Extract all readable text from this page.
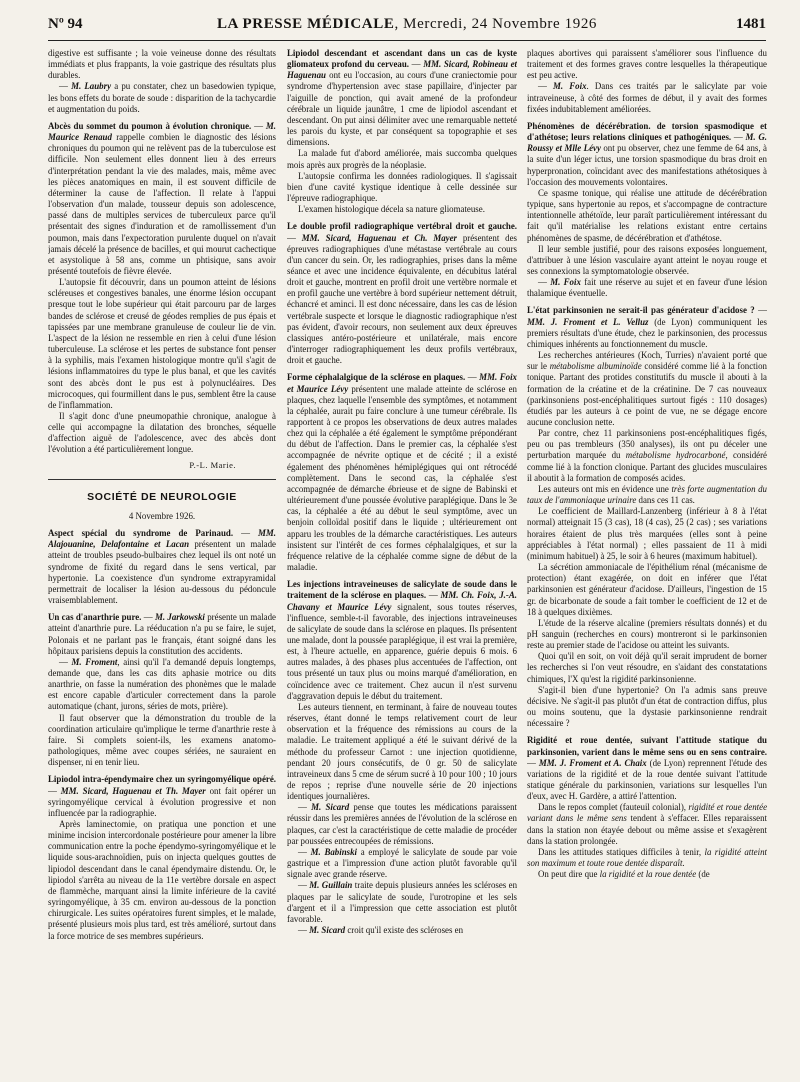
Nº 94	LA PRESSE MÉDICALE, Mercredi, 24 Novembre 1926	1481

digestive est suffisante ; la voie veineuse donne des résultats immédiats et plus frappants, la voie gastrique des résultats plus durables.

— M. Laubry a pu constater, chez un basedowien typique, les bons effets du borate de soude : disparition de la tachycardie et augmentation du poids.

Abcès du sommet du poumon à évolution chronique. — M. Maurice Renaud rappelle combien le diagnostic des lésions chroniques du poumon qui ne relèvent pas de la tuberculose est difficile. Non seulement elles donnent lieu à des erreurs d'interprétation pendant la vie des malades, mais, même avec les pièces anatomiques en main, il est souvent difficile de déterminer la cause de l'affection. Il relate à l'appui l'observation d'un malade, tousseur depuis son adolescence, passé dans de multiples services de tuberculeux parce qu'il présentait des signes d'induration et de ramollissement d'un poumon, mais dans l'expectoration purulente duquel on n'avait jamais décelé la présence de bacilles, et qui mourut cachectique et asystolique à 58 ans, comme un phtisique, sans avoir présenté toutefois de fièvre élevée.

L'autopsie fit découvrir, dans un poumon atteint de lésions scléreuses et congestives banales, une énorme lésion occupant presque tout le lobe supérieur qui était parcouru par de larges bandes de sclérose et creusé de géodes remplies de pus épais et tapissées par une membrane granuleuse de couleur lie de vin. L'aspect de la lésion ne ressemble en rien à celui d'une lésion tuberculeuse. La sclérose et les pertes de substance font penser à la syphilis, mais l'examen histologique montre qu'il s'agit de lésions inflammatoires du type le plus banal, et que les cavités sont des abcès dont le pus est à polynucléaires. Des microcoques, qui fourmillent dans le pus, semblent être la cause de l'inflammation.

Il s'agit donc d'une pneumopathie chronique, analogue à celle qui accompagne la dilatation des bronches, séquelle d'affection aiguë de l'adolescence, avec des abcès dont l'évolution a été particulièrement longue.

P.-L. Marie.

SOCIÉTÉ DE NEUROLOGIE

4 Novembre 1926.

Aspect spécial du syndrome de Parinaud. — MM. Alajouanine, Delafontaine et Lacan présentent un malade atteint de troubles pseudo-bulbaires chez lequel ils ont noté un syndrome de fixité du regard dans le sens vertical, par hypertonie. La coexistence d'un syndrome extrapyramidal permettrait de localiser la lésion au-dessous du pédoncule vraisemblablement.

Un cas d'anarthrie pure. — M. Jarkowski présente un malade atteint d'anarthrie pure. La rééducation n'a pu se faire, le sujet, Polonais et ne parlant pas le français, étant soigné dans les hôpitaux parisiens depuis la constitution des accidents.

— M. Froment, ainsi qu'il l'a demandé depuis longtemps, demande que, dans les cas dits aphasie motrice ou dits anarthrie, on fasse la numération des phonèmes que le malade est encore capable d'articuler correctement dans la parole automatique (chant, jurons, séries de mots, prière).

Il faut observer que la démonstration du trouble de la coordination articulaire qu'implique le terme d'anarthrie reste à faire. Si complets soient-ils, les examens anatomo-pathologiques, même avec coupes sériées, ne sauraient en dispenser, ni en tenir lieu.

Lipiodol intra-épendymaire chez un syringomyélique opéré. — MM. Sicard, Haguenau et Th. Mayer ont fait opérer un syringomyélique cervical à évolution progressive et non influencée par la radiographie.

Après laminectomie, on pratiqua une ponction et une minime incision intercordonale postérieure pour amener la libre communication entre la poche épendymo-syringomyélique et le liquide sous-arachnoïdien, puis on injecta quelques gouttes de lipiodol descendant dans le canal épendymaire distendu. Or, le lipiodol s'arrêta au niveau de la 11e vertèbre dorsale en aspect de flammèche, marquant ainsi la limite inférieure de la cavité syringomyélique, à 35 cm. environ au-dessous de la ponction chirurgicale. Les suites opératoires furent simples, et le malade, présenté plusieurs mois plus tard, est très amélioré, surtout dans la force motrice de ses membres supérieurs.

Lipiodol descendant et ascendant dans un cas de kyste gliomateux profond du cerveau. — MM. Sicard, Robineau et Haguenau ont eu l'occasion, au cours d'une craniectomie pour syndrome d'hypertension avec stase papillaire, d'injecter par l'aiguille de ponction, qui avait amené de la profondeur cérébrale un liquide jaunâtre, 1 cme de lipiodol ascendant et descendant. On put ainsi délimiter avec une remarquable netteté les parois du kyste, et par conséquent sa topographie et ses dimensions.

La malade fut d'abord améliorée, mais succomba quelques mois après aux progrès de la néoplasie.

L'autopsie confirma les données radiologiques. Il s'agissait bien d'une cavité kystique identique à celle dessinée sur l'épreuve radiographique.

L'examen histologique décela sa nature gliomateuse.

Le double profil radiographique vertébral droit et gauche. — MM. Sicard, Haguenau et Ch. Mayer présentent des épreuves radiographiques d'une métastase vertébrale au cours d'un cancer du sein. Or, les radiographies, prises dans la même séance et avec une incidence équivalente, en décubitus latéral droit et gauche, montrent en profil droit une vertèbre normale et en profil gauche une vertèbre à bord supérieur nettement détruit, échancré et aminci. Il est donc nécessaire, dans les cas de lésion vertébrale suspecte et lorsque le diagnostic radiographique n'est pas évident, d'avoir recours, non seulement aux deux épreuves classiques antéro-postérieure et unilatérale, mais encore d'interroger radiographiquement les deux profils vertébraux, droit et gauche.

Forme céphalalgique de la sclérose en plaques. — MM. Foix et Maurice Lévy présentent une malade atteinte de sclérose en plaques, chez laquelle l'ensemble des symptômes, et notamment la céphalée, aurait pu faire conclure à une tumeur cérébrale. Ils rapportent à ce propos les observations de deux autres malades chez qui la céphalée a été également le symptôme prépondérant du début de l'affection. Dans le premier cas, la céphalée s'est accompagnée de névrite optique et de cécité ; il a existé également des phénomènes hémiplégiques qui ont rétrocédé complètement. Dans le second cas, la céphalée s'est accompagnée de démarche ébrieuse et de signe de Babinski et ultérieurement d'une poussée évolutive paraplégique. Dans le 3e cas, la céphalée a été au début le seul symptôme, avec un benjoin colloïdal positif dans le liquide ; ultérieurement ont apparu les troubles de la démarche caractéristiques. Les auteurs insistent sur l'intérêt de ces formes céphalalgiques, et sur la fréquence relative de la céphalée comme signe de début de la maladie.

Les injections intraveineuses de salicylate de soude dans le traitement de la sclérose en plaques. — MM. Ch. Foix, J.-A. Chavany et Maurice Lévy signalent, sous toutes réserves, l'influence, semble-t-il favorable, des injections intraveineuses de salicylate de soude dans la sclérose en plaques. Ils présentent une malade, dont la poussée paraplégique, il est vrai la première, est, à l'heure actuelle, en apparence, guérie depuis 6 mois. 6 autres malades, à des phases plus accentuées de l'affection, ont tous présenté un taux plus ou moins marqué d'amélioration, en coïncidence avec ce traitement. Chez aucun il n'est survenu d'aggravation depuis le début du traitement.

Les auteurs tiennent, en terminant, à faire de nouveau toutes réserves, étant donné le temps relativement court de leur observation et la fréquence des rémissions au cours de la maladie. Le traitement appliqué a été le suivant dérivé de la méthode du professeur Carnot : une injection quotidienne, pendant 20 jours consécutifs, de 0 gr. 50 de salicylate intraveineux dans 5 cme de sérum sucré à 10 pour 100 ; 10 jours de repos ; reprise d'une nouvelle série de 20 injections identiques journalières.

— M. Sicard pense que toutes les médications paraissent réussir dans les premières années de l'évolution de la sclérose en plaques, car c'est la caractéristique de cette maladie de procéder par poussées entrecoupées de rémissions.

— M. Babinski a employé le salicylate de soude par voie gastrique et a l'impression d'une action plutôt favorable qu'il signale avec grande réserve.

— M. Guillain traite depuis plusieurs années les scléroses en plaques par le salicylate de soude, l'urotropine et les sels d'argent et il a l'impression que cette association est plutôt favorable.

— M. Sicard croit qu'il existe des scléroses en

plaques abortives qui paraissent s'améliorer sous l'influence du traitement et des formes graves contre lesquelles la thérapeutique est peu active.

— M. Foix. Dans ces traités par le salicylate par voie intraveineuse, à côté des formes de début, il y avait des formes fixées indubitablement améliorées.

Phénomènes de décérébration. de torsion spasmodique et d'athétose; leurs relations cliniques et pathogéniques. — M. G. Roussy et Mlle Lévy ont pu observer, chez une femme de 64 ans, à la suite d'un léger ictus, une torsion spasmodique du bras droit en hyperpronation, coïncidant avec des manifestations athétosiques à l'occasion des mouvements volontaires.

Ce spasme tonique, qui réalise une attitude de décérébration typique, sans hypertonie au repos, et s'accompagne de contracture intentionnelle athétoïde, leur paraît particulièrement intéressant du fait qu'il matérialise les relations existant entre certains phénomènes de spasme, de décérébration et d'athétose.

Il leur semble justifié, pour des raisons exposées longuement, d'attribuer à une lésion vasculaire ayant atteint le noyau rouge et ses connexions la symptomatologie observée.

— M. Foix fait une réserve au sujet et en faveur d'une lésion thalamique éventuelle.

L'état parkinsonien ne serait-il pas générateur d'acidose ? — MM. J. Froment et L. Velluz (de Lyon) communiquent les premiers résultats d'une étude, chez le parkinsonien, des processus chimiques inhérents au fonctionnement du muscle.

Les recherches antérieures (Koch, Turries) n'avaient porté que sur le métabolisme albuminoïde considéré comme lié à la fonction tonique. Partant des protides constitutifs du muscle il abouti à la formation de la créatine et de la créatinine. De 7 cas nouveaux (parkinsoniens post-encéphalitiques surtout figés : 110 dosages) étudiés par les auteurs à ce point de vue, ne se dégage encore aucune conclusion nette.

Par contre, chez 11 parkinsoniens post-encéphalitiques figés, peu ou pas trembleurs (350 analyses), ils ont pu déceler une perturbation marquée du métabolisme hydrocarboné, considéré comme lié à la fonction clonique. Partant des glucides musculaires il aboutit à la formation de composés acides.

Les auteurs ont mis en évidence une très forte augmentation du taux de l'ammoniaque urinaire dans ces 11 cas.

Le coefficient de Maillard-Lanzenberg (inférieur à 8 à l'état normal) atteignait 15 (3 cas), 18 (4 cas), 25 (2 cas) ; ses variations horaires étaient de plus très marquées (elles sont à peine appréciables à l'état normal) ; elles passaient de 11 à midi (minimum habituel) à 25, le soir à 6 heures (maximum habituel).

La sécrétion ammoniacale de l'épithélium rénal (mécanisme de protection) étant exagérée, on doit en inférer que l'état parkinsonien est générateur d'acidose. D'ailleurs, l'ingestion de 15 gr. de bicarbonate de soude a fait tomber le coefficient de 12 et de 18 à quelques dixièmes.

L'étude de la réserve alcaline (premiers résultats donnés) et du pH sanguin (recherches en cours) montreront si le parkinsonien reste au premier stade de l'acidose ou atteint les suivants.

Quoi qu'il en soit, on voit déjà qu'il serait imprudent de borner les recherches si l'on veut résoudre, en s'aidant des constatations chimiques, l'X qu'est la rigidité parkinsonienne.

S'agit-il bien d'une hypertonie? On l'a admis sans preuve décisive. Ne s'agit-il pas plutôt d'un état de contraction diffus, plus ou moins soutenu, que la dystasie parkinsonienne rendrait nécessaire ?

Rigidité et roue dentée, suivant l'attitude statique du parkinsonien, varient dans le même sens ou en sens contraire. — MM. J. Froment et A. Chaix (de Lyon) reprennent l'étude des variations de la rigidité et de la roue dentée suivant l'attitude statique générale du parkinsonien, variations sur lesquelles l'un d'eux, avec H. Gardère, a attiré l'attention.

Dans le repos complet (fauteuil colonial), rigidité et roue dentée variant dans le même sens tendent à s'effacer. Elles reparaissent dans la station non étayée debout ou même assise et s'exagèrent dans la station prolongée.

Dans les attitudes statiques difficiles à tenir, la rigidité atteint son maximum et toute roue dentée disparaît.

On peut dire que la rigidité et la roue dentée (de
